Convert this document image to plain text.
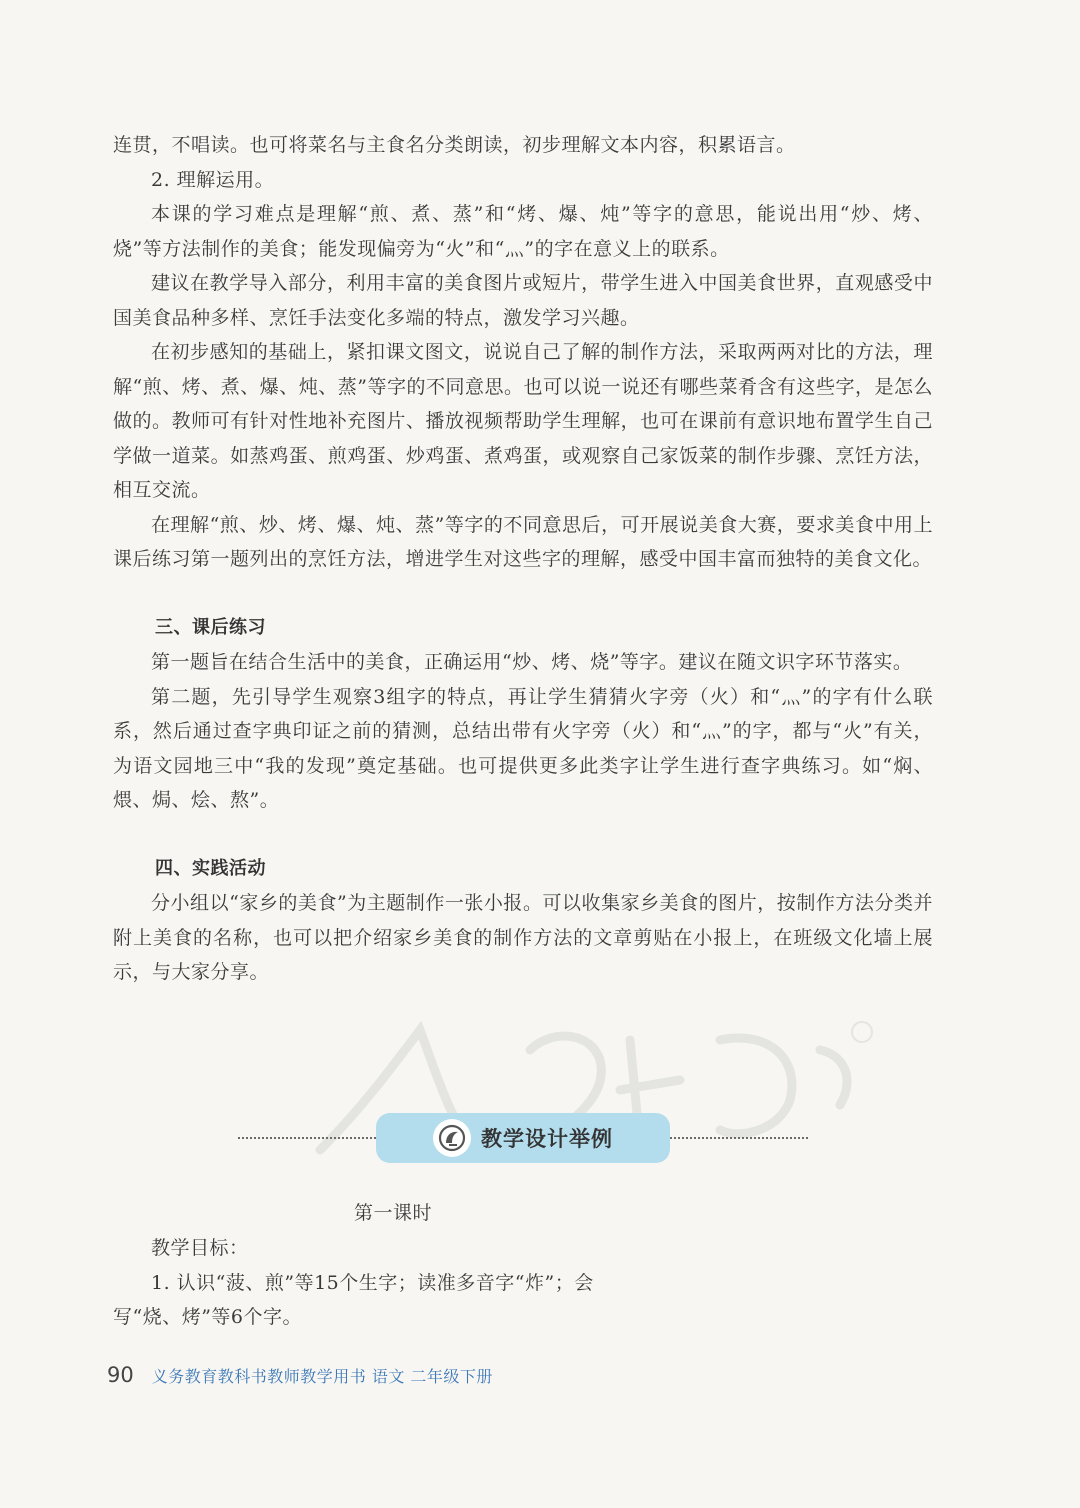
连贯，不唱读。也可将菜名与主食名分类朗读，初步理解文本内容，积累语言。

2. 理解运用。

本课的学习难点是理解“煎、煮、蒸”和“烤、爆、炖”等字的意思，能说出用“炒、烤、烧”等方法制作的美食；能发现偏旁为“火”和“灬”的字在意义上的联系。

建议在教学导入部分，利用丰富的美食图片或短片，带学生进入中国美食世界，直观感受中国美食品种多样、烹饪手法变化多端的特点，激发学习兴趣。

在初步感知的基础上，紧扣课文图文，说说自己了解的制作方法，采取两两对比的方法，理解“煎、烤、煮、爆、炖、蒸”等字的不同意思。也可以说一说还有哪些菜肴含有这些字，是怎么做的。教师可有针对性地补充图片、播放视频帮助学生理解，也可在课前有意识地布置学生自己学做一道菜。如蒸鸡蛋、煎鸡蛋、炒鸡蛋、煮鸡蛋，或观察自己家饭菜的制作步骤、烹饪方法，相互交流。

在理解“煎、炒、烤、爆、炖、蒸”等字的不同意思后，可开展说美食大赛，要求美食中用上课后练习第一题列出的烹饪方法，增进学生对这些字的理解，感受中国丰富而独特的美食文化。

三、课后练习

第一题旨在结合生活中的美食，正确运用“炒、烤、烧”等字。建议在随文识字环节落实。

第二题，先引导学生观察3组字的特点，再让学生猜猜火字旁（火）和“灬”的字有什么联系，然后通过查字典印证之前的猜测，总结出带有火字旁（火）和“灬”的字，都与“火”有关，为语文园地三中“我的发现”奠定基础。也可提供更多此类字让学生进行查字典练习。如“焖、煨、焗、烩、熬”。

四、实践活动

分小组以“家乡的美食”为主题制作一张小报。可以收集家乡美食的图片，按制作方法分类并附上美食的名称，也可以把介绍家乡美食的制作方法的文章剪贴在小报上，在班级文化墙上展示，与大家分享。

教学设计举例

第一课时

教学目标：

1. 认识“菠、煎”等15个生字；读准多音字“炸”；会

写“烧、烤”等6个字。

90 义务教育教科书教师教学用书 语文 二年级下册
